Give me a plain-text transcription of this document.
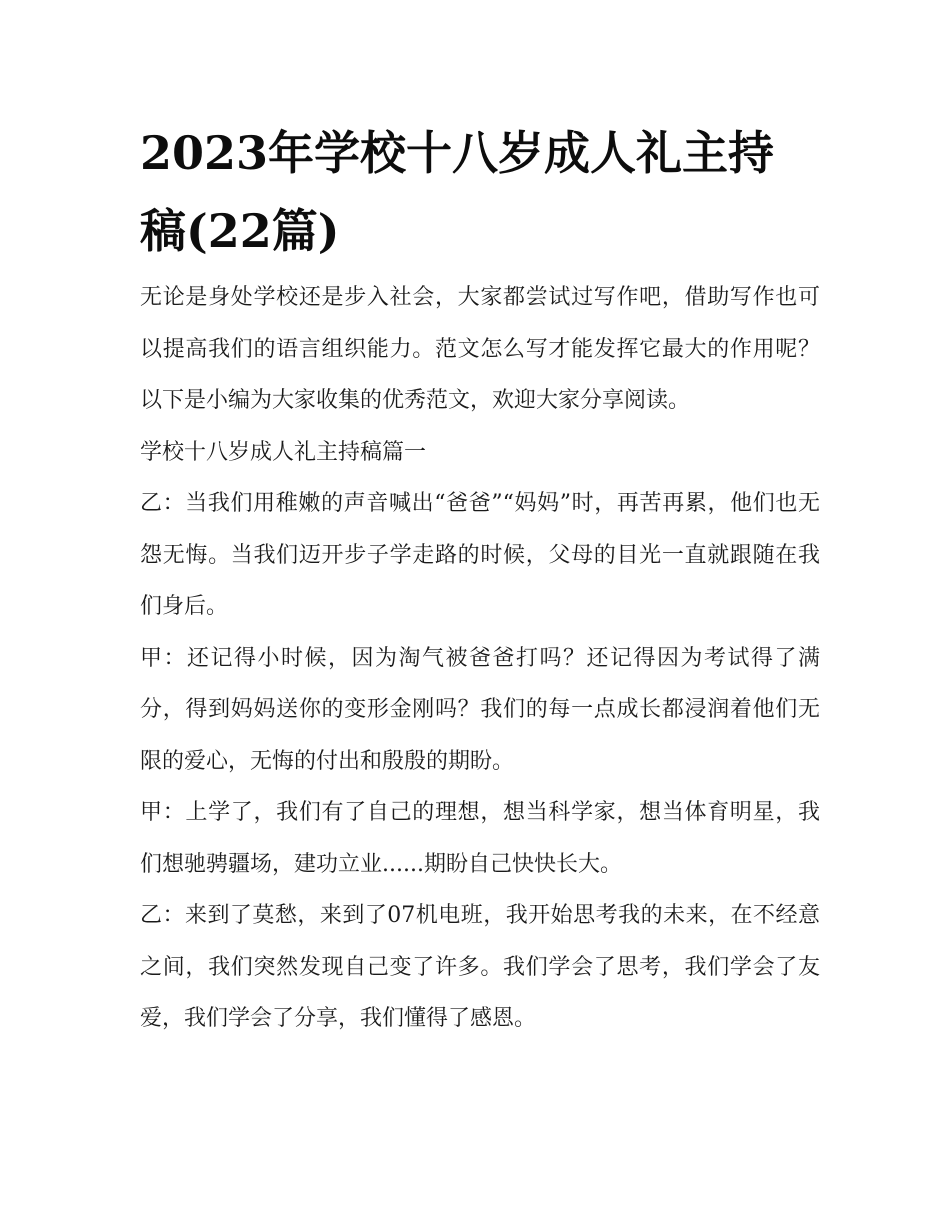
2023年学校十八岁成人礼主持稿(22篇)

无论是身处学校还是步入社会，大家都尝试过写作吧，借助写作也可以提高我们的语言组织能力。范文怎么写才能发挥它最大的作用呢？以下是小编为大家收集的优秀范文，欢迎大家分享阅读。

学校十八岁成人礼主持稿篇一

乙：当我们用稚嫩的声音喊出“爸爸”“妈妈”时，再苦再累，他们也无怨无悔。当我们迈开步子学走路的时候，父母的目光一直就跟随在我们身后。

甲：还记得小时候，因为淘气被爸爸打吗？还记得因为考试得了满分，得到妈妈送你的变形金刚吗？我们的每一点成长都浸润着他们无限的爱心，无悔的付出和殷殷的期盼。

甲：上学了，我们有了自己的理想，想当科学家，想当体育明星，我们想驰骋疆场，建功立业......期盼自己快快长大。

乙：来到了莫愁，来到了07机电班，我开始思考我的未来，在不经意之间，我们突然发现自己变了许多。我们学会了思考，我们学会了友爱，我们学会了分享，我们懂得了感恩。
